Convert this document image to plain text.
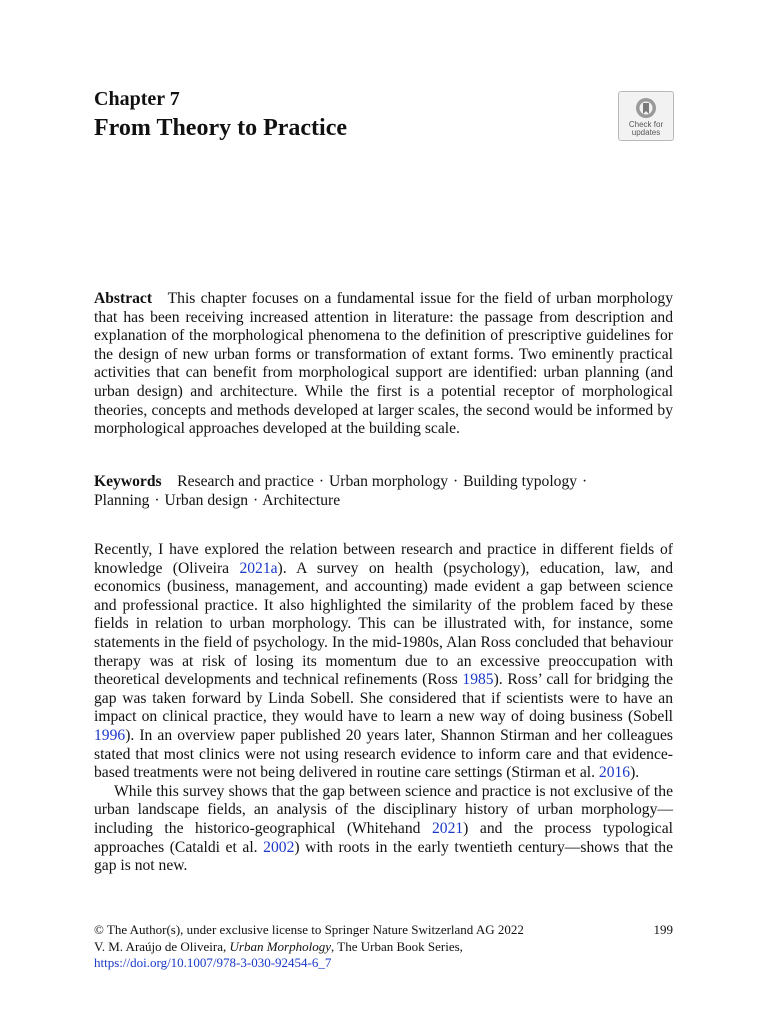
Chapter 7
From Theory to Practice	Check for
updates

Abstract  This chapter focuses on a fundamental issue for the field of urban morphology that has been receiving increased attention in literature: the passage from description and explanation of the morphological phenomena to the definition of prescriptive guidelines for the design of new urban forms or transformation of extant forms. Two eminently practical activities that can benefit from morphological support are identified: urban planning (and urban design) and architecture. While the first is a potential receptor of morphological theories, concepts and methods developed at larger scales, the second would be informed by morphological approaches developed at the building scale.

Keywords  Research and practice · Urban morphology · Building typology ·
Planning · Urban design · Architecture

Recently, I have explored the relation between research and practice in different fields of knowledge (Oliveira 2021a). A survey on health (psychology), education, law, and economics (business, management, and accounting) made evident a gap between science and professional practice. It also highlighted the similarity of the problem faced by these fields in relation to urban morphology. This can be illustrated with, for instance, some statements in the field of psychology. In the mid-1980s, Alan Ross concluded that behaviour therapy was at risk of losing its momentum due to an excessive preoccupation with theoretical developments and technical refinements (Ross 1985). Ross’ call for bridging the gap was taken forward by Linda Sobell. She considered that if scientists were to have an impact on clinical practice, they would have to learn a new way of doing business (Sobell 1996). In an overview paper published 20 years later, Shannon Stirman and her colleagues stated that most clinics were not using research evidence to inform care and that evidence-based treatments were not being delivered in routine care settings (Stirman et al. 2016).

While this survey shows that the gap between science and practice is not exclusive of the urban landscape fields, an analysis of the disciplinary history of urban morphology—including the historico-geographical (Whitehand 2021) and the process typological approaches (Cataldi et al. 2002) with roots in the early twentieth century—shows that the gap is not new.

© The Author(s), under exclusive license to Springer Nature Switzerland AG 2022	199
V. M. Araújo de Oliveira, Urban Morphology, The Urban Book Series,
https://doi.org/10.1007/978-3-030-92454-6_7
